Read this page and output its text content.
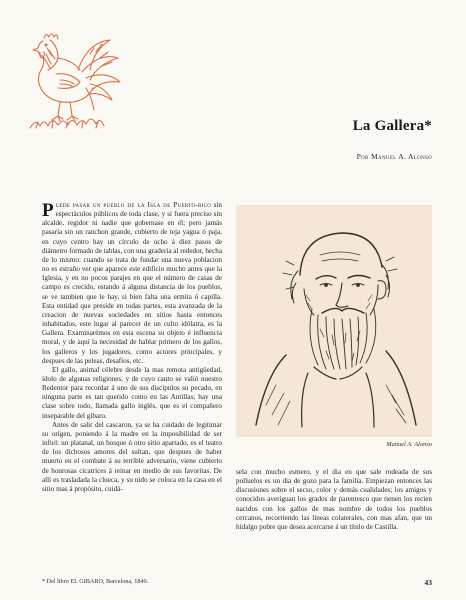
La Gallera*
Por Manuel A. Alonso

Puede pasar un pueblo de la Isla de Puerto-rico sin espectáculos públicos de toda clase, y si fuera preciso sin alcalde, regidor ni nadie que gobernase en él; pero jamás pasaría sin un ranchon grande, cubierto de teja yagua ó paja, en cuyo centro hay un círculo de ocho á diez pasos de diámetro formado de tablas, con una gradería al rededor, hecha de lo mismo: cuando se trata de fundar una nueva poblacion no es estraño ver que aparece este edificio mucho antes que la Iglesia, y en no pocos parajes en que el número de casas de campo es crecido, estando á alguna distancia de los pueblos, se ve tambien que le hay, si bien falta una ermita ó capilla. Esta entidad que preside en todas partes, esta avanzada de la creacion de nuevas sociedades en sitios hasta entonces inhabitados, este lugar al parecer de un culto idólatra, es la Gallera. Examinarémos en esta escena su objeto é influencia moral, y de aquí la necesidad de hablar primero de los gallos, los galleros y los jugadores, como actores principales, y despues de las peleas, desafíos, etc.

El gallo, animal célebre desde la mas remota antigüedad, ídolo de algunas religiones, y de cuyo canto se valió nuestro Redentor para recordar á uno de sus discípulos su pecado, en ninguna parte es tan querido como en las Antillas; hay una clase sobre todo, llamada gallo inglés, que es el compañero inseparable del gíbaro.

Antes de salir del cascaron, ya se ha cuidado de legitimar su orígen, poniendo á la madre en la imposibilidad de ser infiel: un platanal, un bosque ú otro sitio apartado, es el teatro de los dichosos amores del sultan, que despues de haber muerto en el combate á su terrible adversario, viene cubierto de honrosas cicatrices á reinar en medio de sus favoritas. De allí es trasladada la clueca, y su nido se coloca en la casa en el sitio mas á propósito, cuidá-

* Del libro EL GIBARO, Barcelona, 1849.
Manuel A. Alonso

sela con mucho esmero, y el dia en que sale rodeada de sus polluelos es un dia de gozo para la familia. Empiezan entonces las discusiones sobre el secso, color y demás cualidades; los amigos y conocidos averiguan los grados de parentesco que tienen los recien nacidos con los gallos de mas nombre de todos los pueblos cercanos, recorriendo las líneas colaterales, con mas afan, que un hidalgo pobre que desea acercarse á un título de Castilla.

43
